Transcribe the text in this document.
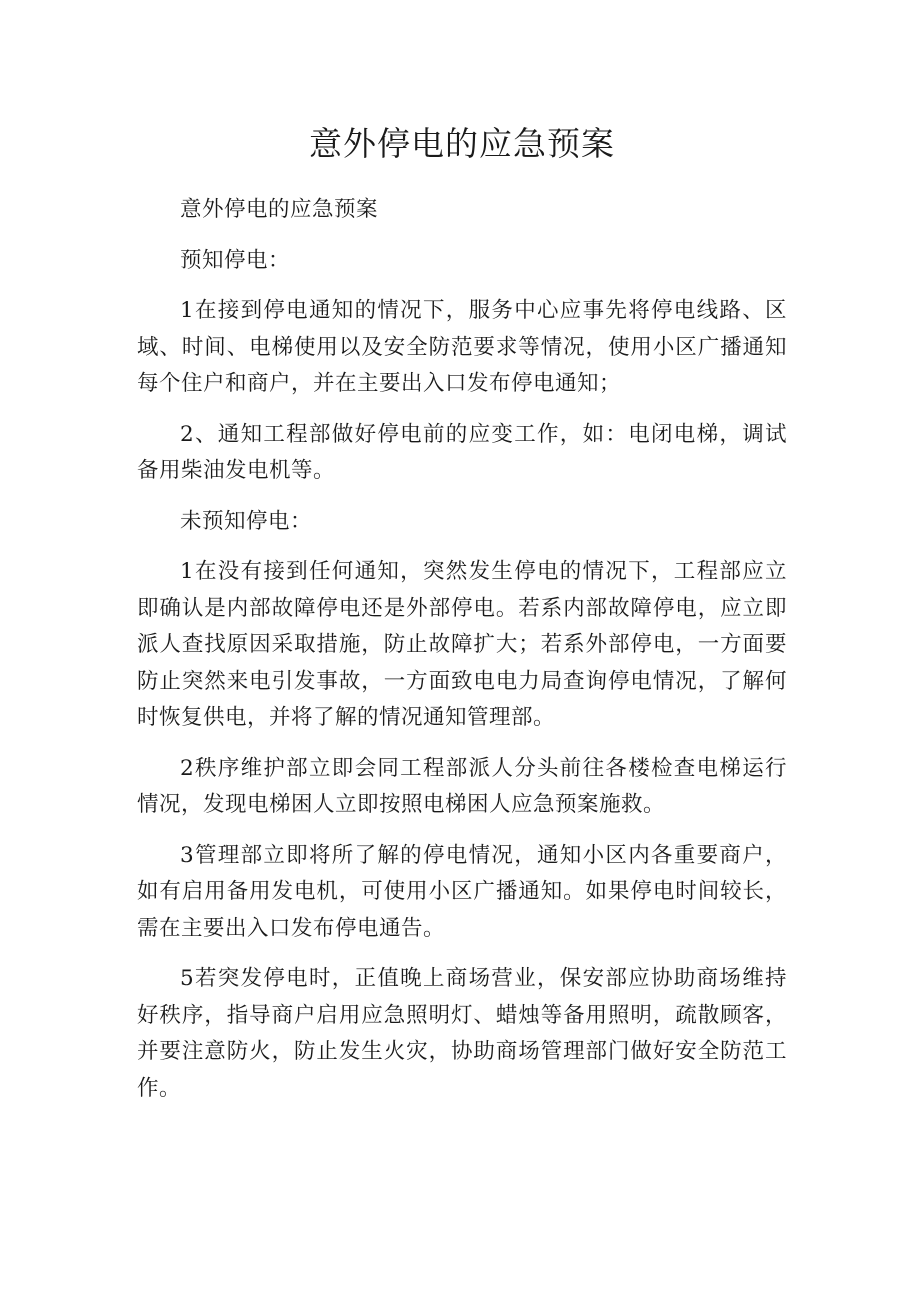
意外停电的应急预案

意外停电的应急预案

预知停电：

1在接到停电通知的情况下，服务中心应事先将停电线路、区域、时间、电梯使用以及安全防范要求等情况，使用小区广播通知每个住户和商户，并在主要出入口发布停电通知；

2、通知工程部做好停电前的应变工作，如：电闭电梯，调试备用柴油发电机等。

未预知停电：

1在没有接到任何通知，突然发生停电的情况下，工程部应立即确认是内部故障停电还是外部停电。若系内部故障停电，应立即派人查找原因采取措施，防止故障扩大；若系外部停电，一方面要防止突然来电引发事故，一方面致电电力局查询停电情况，了解何时恢复供电，并将了解的情况通知管理部。

2秩序维护部立即会同工程部派人分头前往各楼检查电梯运行情况，发现电梯困人立即按照电梯困人应急预案施救。

3管理部立即将所了解的停电情况，通知小区内各重要商户，如有启用备用发电机，可使用小区广播通知。如果停电时间较长，需在主要出入口发布停电通告。

5若突发停电时，正值晚上商场营业，保安部应协助商场维持好秩序，指导商户启用应急照明灯、蜡烛等备用照明，疏散顾客，并要注意防火，防止发生火灾，协助商场管理部门做好安全防范工作。
